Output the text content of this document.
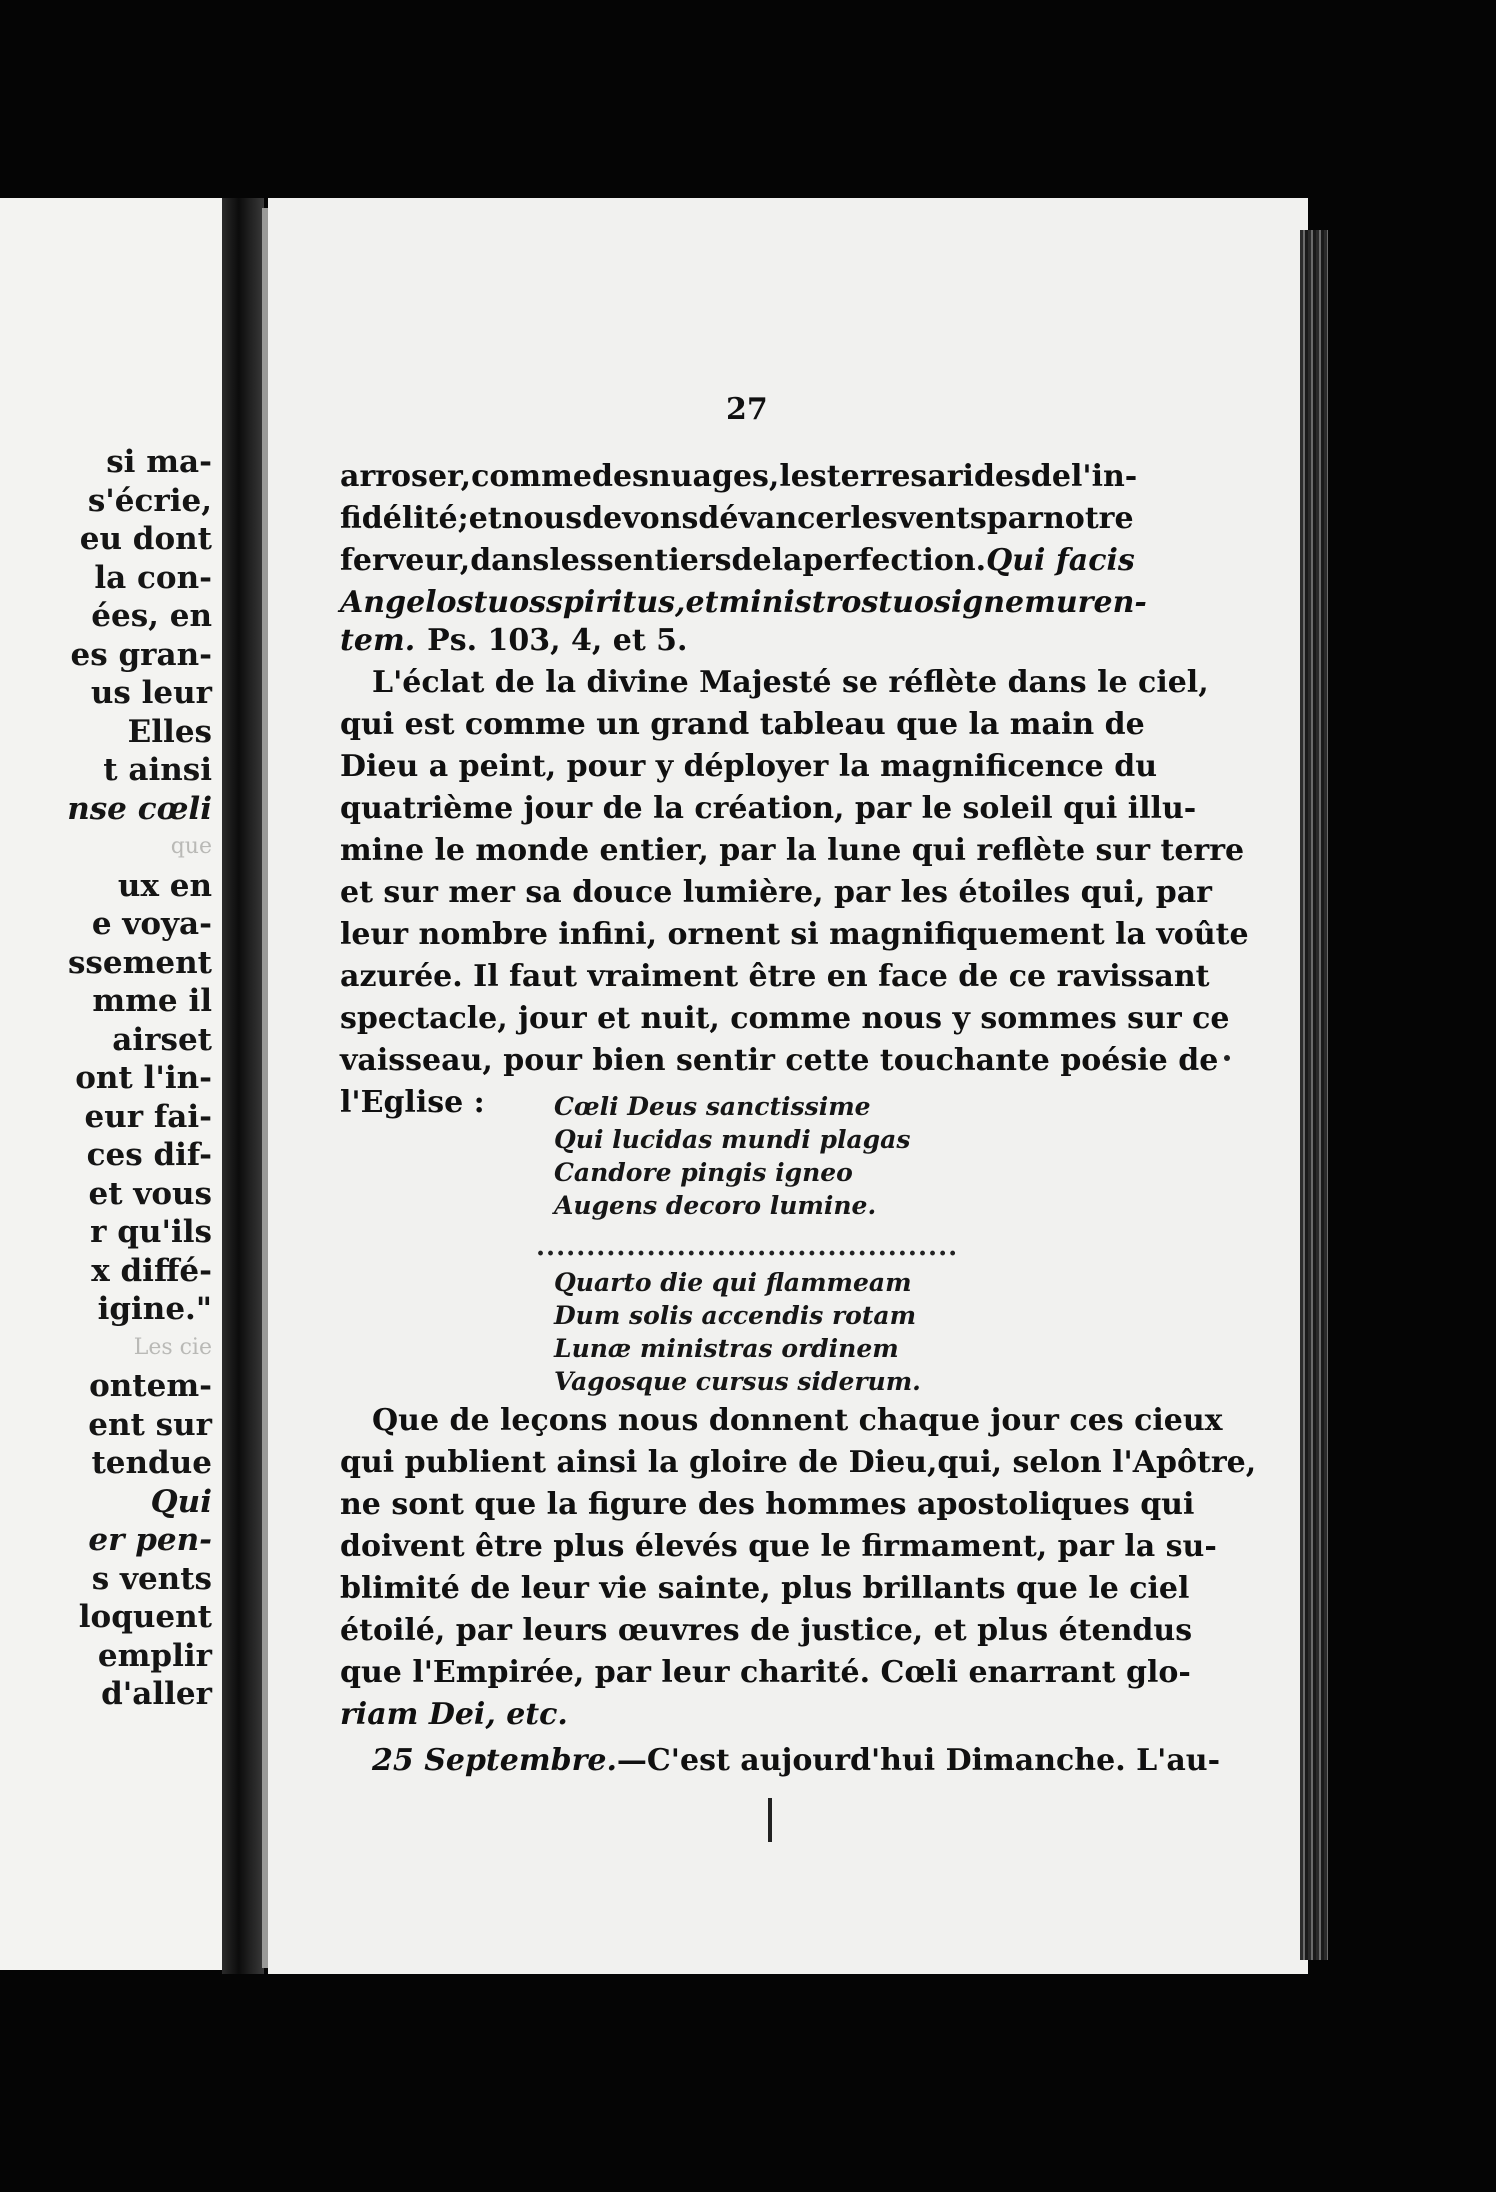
si ma-
s'écrie,
eu dont
la con-
ées, en
es gran-
us leur
Elles
t ainsi
nse cœli
que
ux en
e voya-
ssement
mme il
airset
ont l'in-
eur fai-
ces dif-
et vous
r qu'ils
x diffé-
igine."
Les cie
ontem-
ent sur
tendue
Qui
er pen-
s vents
loquent
emplir
d'aller
27
arroser, comme des nuages, les terres arides de l'in-
fidélité ; et nous devons dévancer les vents par notre
ferveur, dans les sentiers de la perfection. Qui facis
Angelos tuos spiritus, et ministros tuos ignem uren-
tem. Ps. 103, 4, et 5.
L'éclat de la divine Majesté se réflète dans le ciel,
qui est comme un grand tableau que la main de
Dieu a peint, pour y déployer la magnificence du
quatrième jour de la création, par le soleil qui illu-
mine le monde entier, par la lune qui reflète sur terre
et sur mer sa douce lumière, par les étoiles qui, par
leur nombre infini, ornent si magnifiquement la voûte
azurée. Il faut vraiment être en face de ce ravissant
spectacle, jour et nuit, comme nous y sommes sur ce
vaisseau, pour bien sentir cette touchante poésie de
l'Eglise :	Cœli Deus sanctissime
Qui lucidas mundi plagas
Candore pingis igneo
Augens decoro lumine.
..........................................
Quarto die qui flammeam
Dum solis accendis rotam
Lunæ ministras ordinem
Vagosque cursus siderum.
Que de leçons nous donnent chaque jour ces cieux
qui publient ainsi la gloire de Dieu,qui, selon l'Apôtre,
ne sont que la figure des hommes apostoliques qui
doivent être plus élevés que le firmament, par la su-
blimité de leur vie sainte, plus brillants que le ciel
étoilé, par leurs œuvres de justice, et plus étendus
que l'Empirée, par leur charité. Cœli enarrant glo-
riam Dei, etc.
25 Septembre. —C'est aujourd'hui Dimanche. L'au-
